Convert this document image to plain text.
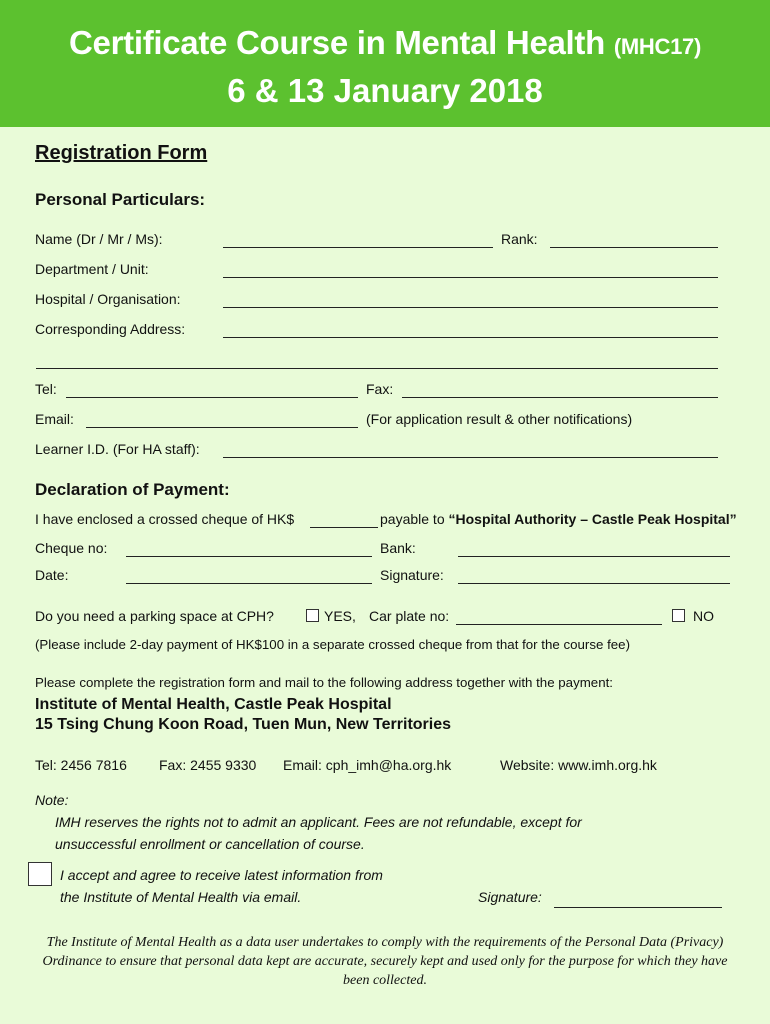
Certificate Course in Mental Health (MHC17)
6 & 13 January 2018
Registration Form
Personal Particulars:
Name (Dr / Mr / Ms):	Rank:
Department / Unit:
Hospital / Organisation:
Corresponding Address:
Tel:	Fax:
Email:	(For application result & other notifications)
Learner I.D. (For HA staff):
Declaration of Payment:
I have enclosed a crossed cheque of HK$	payable to “Hospital Authority – Castle Peak Hospital”
Cheque no:	Bank:
Date:	Signature:
Do you need a parking space at CPH?	YES, Car plate no:	NO
(Please include 2-day payment of HK$100 in a separate crossed cheque from that for the course fee)
Please complete the registration form and mail to the following address together with the payment:
Institute of Mental Health, Castle Peak Hospital
15 Tsing Chung Koon Road, Tuen Mun, New Territories
Tel: 2456 7816 Fax: 2455 9330 Email: cph_imh@ha.org.hk	Website: www.imh.org.hk
Note:
IMH reserves the rights not to admit an applicant. Fees are not refundable, except for
unsuccessful enrollment or cancellation of course.
I accept and agree to receive latest information from
the Institute of Mental Health via email.	Signature:
The Institute of Mental Health as a data user undertakes to comply with the requirements of the Personal Data (Privacy) Ordinance to ensure that personal data kept are accurate, securely kept and used only for the purpose for which they have been collected.
